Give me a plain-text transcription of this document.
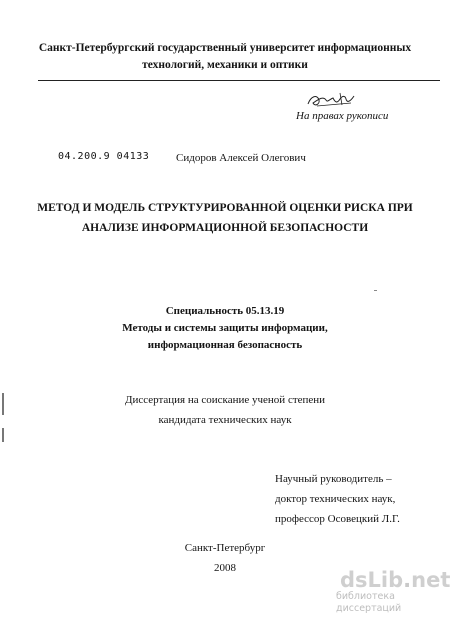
Санкт-Петербургский государственный университет информационных
технологий, механики и оптики
На правах рукописи
04.200.9 04133 Сидоров Алексей Олегович
МЕТОД И МОДЕЛЬ СТРУКТУРИРОВАННОЙ ОЦЕНКИ РИСКА ПРИ
АНАЛИЗЕ ИНФОРМАЦИОННОЙ БЕЗОПАСНОСТИ
Специальность 05.13.19
Методы и системы защиты информации,
информационная безопасность
Диссертация на соискание ученой степени
кандидата технических наук
Научный руководитель –
доктор технических наук,
профессор Осовецкий Л.Г.
Санкт-Петербург
2008	dsLib.net
библиотека диссертаций
